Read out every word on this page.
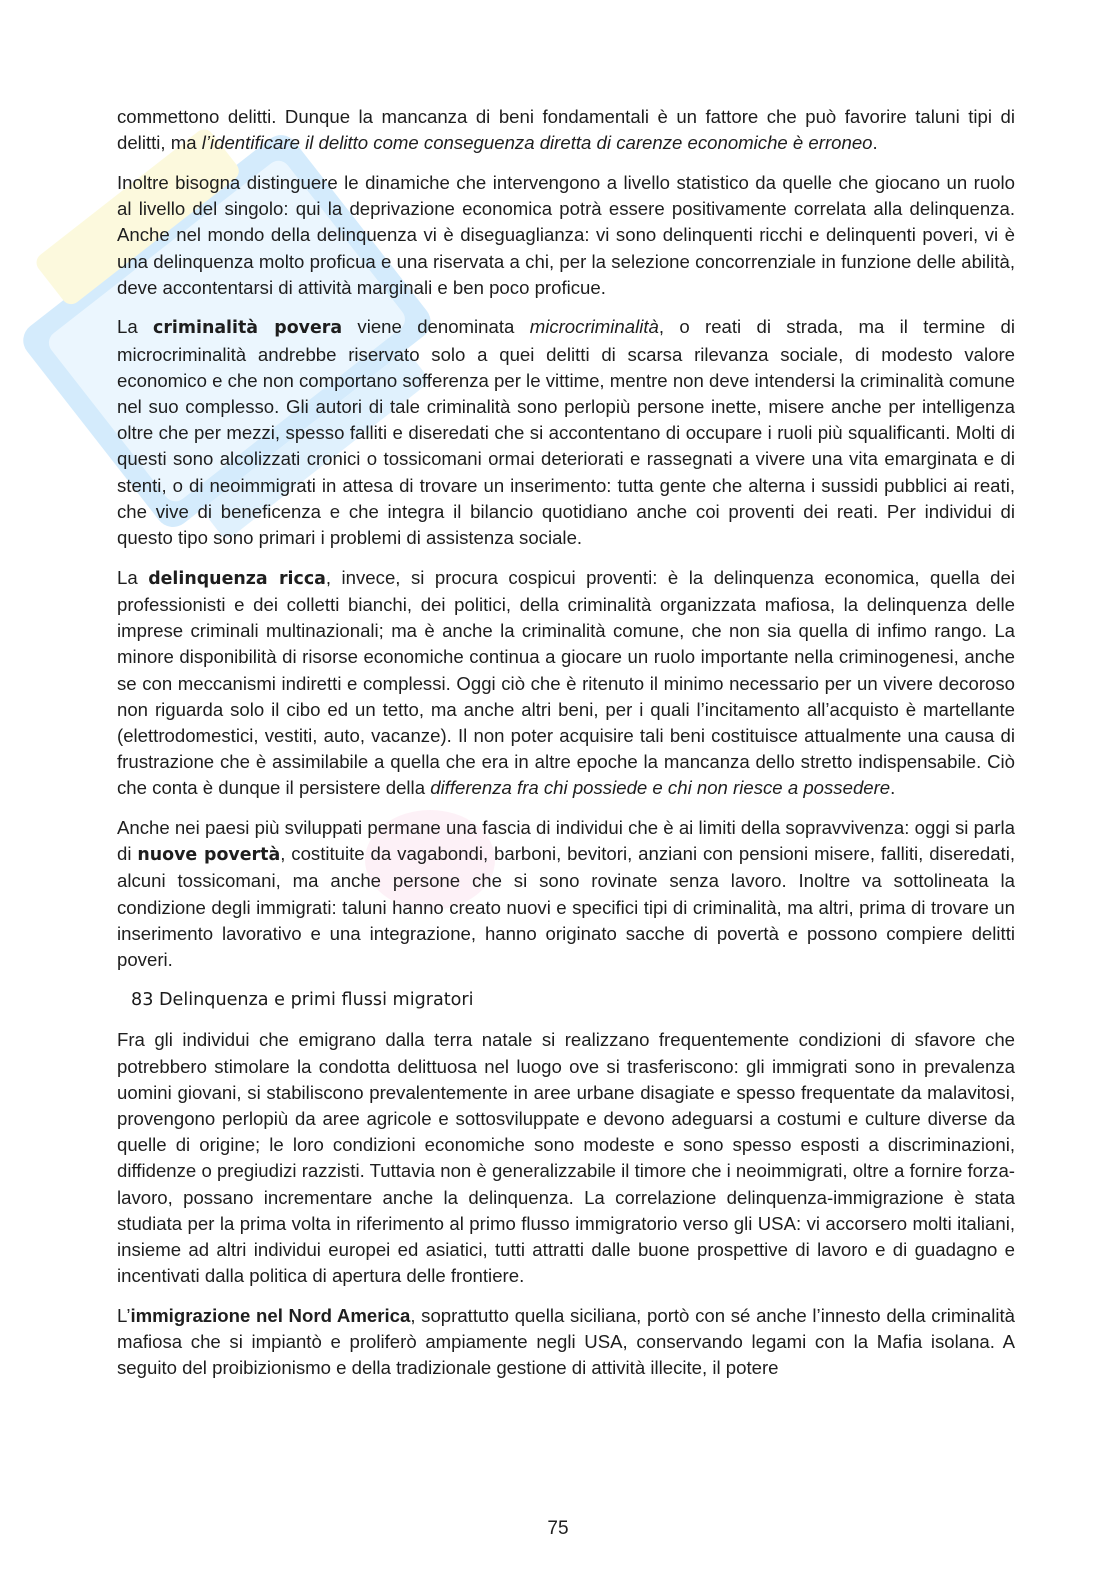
commettono delitti. Dunque la mancanza di beni fondamentali è un fattore che può favorire taluni tipi di delitti, ma l’identificare il delitto come conseguenza diretta di carenze economiche è erroneo.

Inoltre bisogna distinguere le dinamiche che intervengono a livello statistico da quelle che giocano un ruolo al livello del singolo: qui la deprivazione economica potrà essere positivamente correlata alla delinquenza. Anche nel mondo della delinquenza vi è diseguaglianza: vi sono delinquenti ricchi e delinquenti poveri, vi è una delinquenza molto proficua e una riservata a chi, per la selezione concorrenziale in funzione delle abilità, deve accontentarsi di attività marginali e ben poco proficue.

La criminalità povera viene denominata microcriminalità, o reati di strada, ma il termine di microcriminalità andrebbe riservato solo a quei delitti di scarsa rilevanza sociale, di modesto valore economico e che non comportano sofferenza per le vittime, mentre non deve intendersi la criminalità comune nel suo complesso. Gli autori di tale criminalità sono perlopiù persone inette, misere anche per intelligenza oltre che per mezzi, spesso falliti e diseredati che si accontentano di occupare i ruoli più squalificanti. Molti di questi sono alcolizzati cronici o tossicomani ormai deteriorati e rassegnati a vivere una vita emarginata e di stenti, o di neoimmigrati in attesa di trovare un inserimento: tutta gente che alterna i sussidi pubblici ai reati, che vive di beneficenza e che integra il bilancio quotidiano anche coi proventi dei reati. Per individui di questo tipo sono primari i problemi di assistenza sociale.

La delinquenza ricca, invece, si procura cospicui proventi: è la delinquenza economica, quella dei professionisti e dei colletti bianchi, dei politici, della criminalità organizzata mafiosa, la delinquenza delle imprese criminali multinazionali; ma è anche la criminalità comune, che non sia quella di infimo rango. La minore disponibilità di risorse economiche continua a giocare un ruolo importante nella criminogenesi, anche se con meccanismi indiretti e complessi. Oggi ciò che è ritenuto il minimo necessario per un vivere decoroso non riguarda solo il cibo ed un tetto, ma anche altri beni, per i quali l’incitamento all’acquisto è martellante (elettrodomestici, vestiti, auto, vacanze). Il non poter acquisire tali beni costituisce attualmente una causa di frustrazione che è assimilabile a quella che era in altre epoche la mancanza dello stretto indispensabile. Ciò che conta è dunque il persistere della differenza fra chi possiede e chi non riesce a possedere.

Anche nei paesi più sviluppati permane una fascia di individui che è ai limiti della sopravvivenza: oggi si parla di nuove povertà, costituite da vagabondi, barboni, bevitori, anziani con pensioni misere, falliti, diseredati, alcuni tossicomani, ma anche persone che si sono rovinate senza lavoro. Inoltre va sottolineata la condizione degli immigrati: taluni hanno creato nuovi e specifici tipi di criminalità, ma altri, prima di trovare un inserimento lavorativo e una integrazione, hanno originato sacche di povertà e possono compiere delitti poveri.

83 Delinquenza e primi flussi migratori

Fra gli individui che emigrano dalla terra natale si realizzano frequentemente condizioni di sfavore che potrebbero stimolare la condotta delittuosa nel luogo ove si trasferiscono: gli immigrati sono in prevalenza uomini giovani, si stabiliscono prevalentemente in aree urbane disagiate e spesso frequentate da malavitosi, provengono perlopiù da aree agricole e sottosviluppate e devono adeguarsi a costumi e culture diverse da quelle di origine; le loro condizioni economiche sono modeste e sono spesso esposti a discriminazioni, diffidenze o pregiudizi razzisti. Tuttavia non è generalizzabile il timore che i neoimmigrati, oltre a fornire forza-lavoro, possano incrementare anche la delinquenza. La correlazione delinquenza-immigrazione è stata studiata per la prima volta in riferimento al primo flusso immigratorio verso gli USA: vi accorsero molti italiani, insieme ad altri individui europei ed asiatici, tutti attratti dalle buone prospettive di lavoro e di guadagno e incentivati dalla politica di apertura delle frontiere.

L’immigrazione nel Nord America, soprattutto quella siciliana, portò con sé anche l’innesto della criminalità mafiosa che si impiantò e proliferò ampiamente negli USA, conservando legami con la Mafia isolana. A seguito del proibizionismo e della tradizionale gestione di attività illecite, il potere

75
